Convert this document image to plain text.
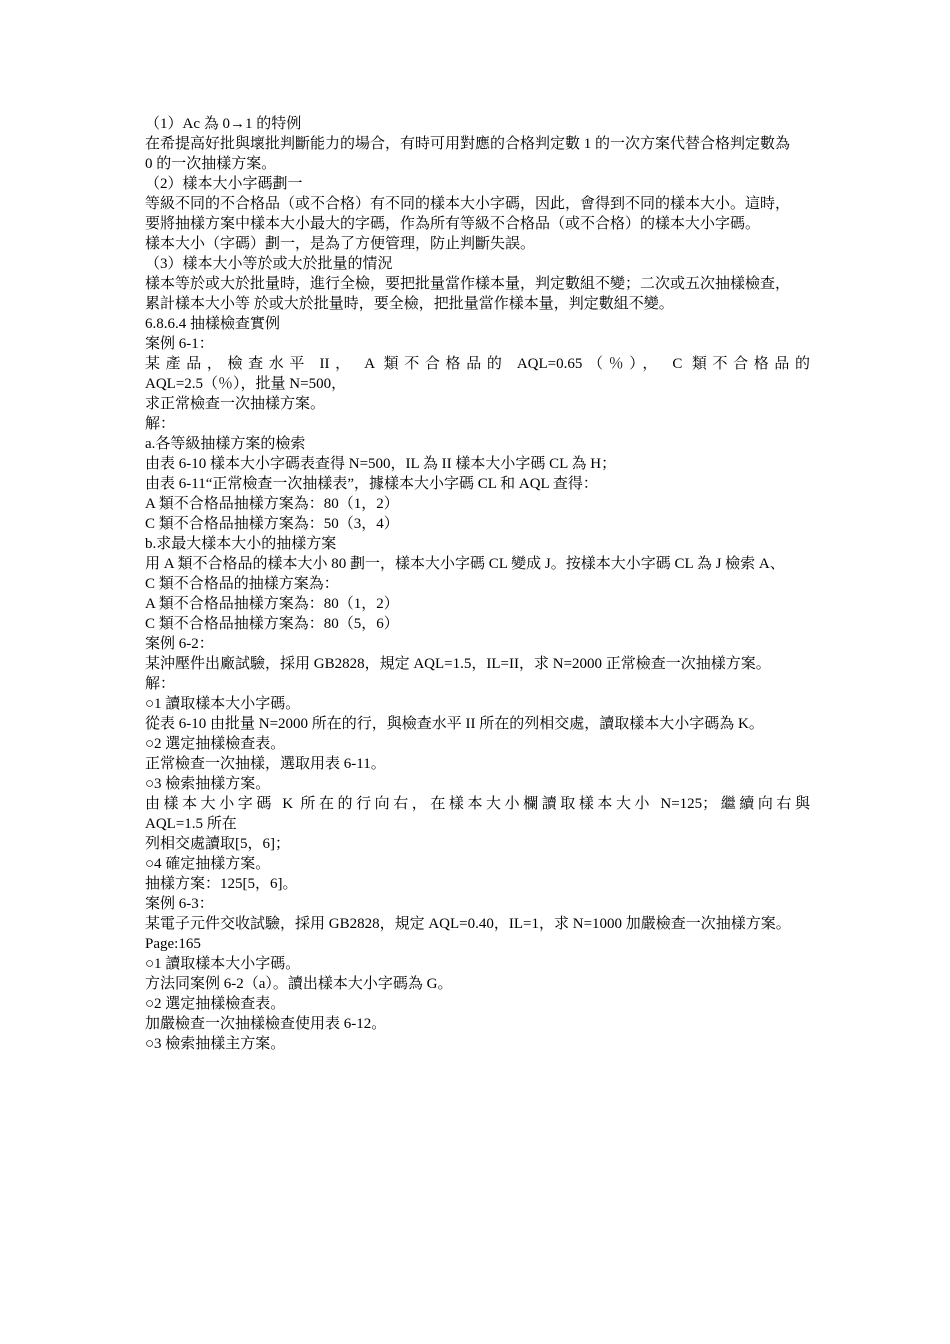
（1）Ac 為 0→1 的特例
在希提高好批與壞批判斷能力的場合，有時可用對應的合格判定數 1 的一次方案代替合格判定數為
0 的一次抽樣方案。
（2）樣本大小字碼劃一
等級不同的不合格品（或不合格）有不同的樣本大小字碼，因此，會得到不同的樣本大小。這時，
要將抽樣方案中樣本大小最大的字碼，作為所有等級不合格品（或不合格）的樣本大小字碼。
樣本大小（字碼）劃一，是為了方便管理，防止判斷失誤。
（3）樣本大小等於或大於批量的情況
樣本等於或大於批量時，進行全檢，要把批量當作樣本量，判定數組不變；二次或五次抽樣檢查，
累計樣本大小等 於或大於批量時，要全檢，把批量當作樣本量，判定數組不變。
6.8.6.4 抽樣檢查實例
案例 6-1：
某產品，檢查水平 II， A 類不合格品的 AQL=0.65（％）， C 類不合格品的
AQL=2.5（％），批量 N=500，
求正常檢查一次抽樣方案。
解：
a.各等級抽樣方案的檢索
由表 6-10 樣本大小字碼表查得 N=500，IL 為 II 樣本大小字碼 CL 為 H；
由表 6-11“正常檢查一次抽樣表”，據樣本大小字碼 CL 和 AQL 查得：
A 類不合格品抽樣方案為：80（1，2）
C 類不合格品抽樣方案為：50（3，4）
b.求最大樣本大小的抽樣方案
用 A 類不合格品的樣本大小 80 劃一，樣本大小字碼 CL 變成 J。按樣本大小字碼 CL 為 J 檢索 A、
C 類不合格品的抽樣方案為：
A 類不合格品抽樣方案為：80（1，2）
C 類不合格品抽樣方案為：80（5，6）
案例 6-2：
某沖壓件出廠試驗，採用 GB2828，規定 AQL=1.5，IL=II，求 N=2000 正常檢查一次抽樣方案。
解：
○1 讀取樣本大小字碼。
從表 6-10 由批量 N=2000 所在的行，與檢查水平 II 所在的列相交處，讀取樣本大小字碼為 K。
○2 選定抽樣檢查表。
正常檢查一次抽樣，選取用表 6-11。
○3 檢索抽樣方案。
由樣本大小字碼 K 所在的行向右，在樣本大小欄讀取樣本大小 N=125；繼續向右與
AQL=1.5 所在
列相交處讀取[5，6]；
○4 確定抽樣方案。
抽樣方案：125[5，6]。
案例 6-3：
某電子元件交收試驗，採用 GB2828，規定 AQL=0.40，IL=1，求 N=1000 加嚴檢查一次抽樣方案。
Page:165
○1 讀取樣本大小字碼。
方法同案例 6-2（a）。讀出樣本大小字碼為 G。
○2 選定抽樣檢查表。
加嚴檢查一次抽樣檢查使用表 6-12。
○3 檢索抽樣主方案。
